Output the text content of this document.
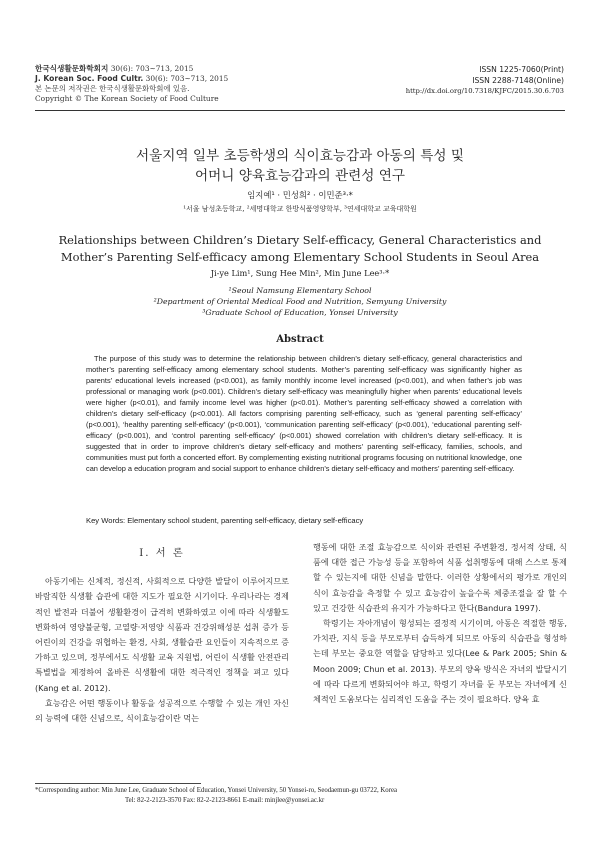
한국식생활문화학회지 30(6): 703~713, 2015
J. Korean Soc. Food Cultr. 30(6): 703~713, 2015
본 논문의 저작권은 한국식생활문화학회에 있음.
Copyright © The Korean Society of Food Culture
ISSN 1225-7060(Print)
ISSN 2288-7148(Online)
http://dx.doi.org/10.7318/KJFC/2015.30.6.703
서울지역 일부 초등학생의 식이효능감과 아동의 특성 및
어머니 양육효능감과의 관련성 연구
임지예¹ · 민성희² · 이민준³·*
¹서울 남성초등학교, ²세명대학교 한방식품영양학부, ³연세대학교 교육대학원
Relationships between Children’s Dietary Self-efficacy, General Characteristics and
Mother’s Parenting Self-efficacy among Elementary School Students in Seoul Area
Ji-ye Lim¹, Sung Hee Min², Min June Lee³·*
¹Seoul Namsung Elementary School
²Department of Oriental Medical Food and Nutrition, Semyung University
³Graduate School of Education, Yonsei University
Abstract
The purpose of this study was to determine the relationship between children’s dietary self-efficacy, general characteristics and mother’s parenting self-efficacy among elementary school students. Mother’s parenting self-efficacy was significantly higher as parents’ educational levels increased (p<0.001), as family monthly income level increased (p<0.001), and when father’s job was professional or managing work (p<0.001). Children’s dietary self-efficacy was meaningfully higher when parents’ educational levels were higher (p<0.01), and family income level was higher (p<0.01). Mother’s parenting self-efficacy showed a correlation with children’s dietary self-efficacy (p<0.001). All factors comprising parenting self-efficacy, such as ‘general parenting self-efficacy’ (p<0.001), ‘healthy parenting self-efficacy’ (p<0.001), ‘communication parenting self-efficacy’ (p<0.001), ‘educational parenting self-efficacy’ (p<0.001), and ‘control parenting self-efficacy’ (p<0.001) showed correlation with children’s dietary self-efficacy. It is suggested that in order to improve children’s dietary self-efficacy and mothers’ parenting self-efficacy, families, schools, and communities must put forth a concerted effort. By complementing existing nutritional programs focusing on nutritional knowledge, one can develop a education program and social support to enhance children’s dietary self-efficacy and mothers’ parenting self-efficacy.
Key Words: Elementary school student, parenting self-efficacy, dietary self-efficacy
I. 서 론

아동기에는 신체적, 정신적, 사회적으로 다양한 발달이 이루어지므로 바람직한 식생활 습관에 대한 지도가 필요한 시기이다. 우리나라는 경제적인 발전과 더불어 생활환경이 급격히 변화하였고 이에 따라 식생활도 변화하여 영양불균형, 고열량·저영양 식품과 건강위해성분 섭취 증가 등 어린이의 건강을 위협하는 환경, 사회, 생활습관 요인들이 지속적으로 증가하고 있으며, 정부에서도 식생활 교육 지원법, 어린이 식생활 안전관리 특별법을 제정하여 올바른 식생활에 대한 적극적인 정책을 펴고 있다(Kang et al. 2012).

효능감은 어떤 행동이나 활동을 성공적으로 수행할 수 있는 개인 자신의 능력에 대한 신념으로, 식이효능감이란 먹는

행동에 대한 조절 효능감으로 식이와 관련된 주변환경, 정서적 상태, 식품에 대한 접근 가능성 등을 포함하여 식품 섭취행동에 대해 스스로 통제할 수 있는지에 대한 신념을 말한다. 이러한 상황에서의 평가로 개인의 식이 효능감을 측정할 수 있고 효능감이 높을수록 체중조절을 잘 할 수 있고 건강한 식습관의 유지가 가능하다고 한다(Bandura 1997).

학령기는 자아개념이 형성되는 결정적 시기이며, 아동은 적절한 행동, 가치관, 지식 등을 부모로부터 습득하게 되므로 아동의 식습관을 형성하는데 부모는 중요한 역할을 담당하고 있다(Lee & Park 2005; Shin & Moon 2009; Chun et al. 2013). 부모의 양육 방식은 자녀의 발달시기에 따라 다르게 변화되어야 하고, 학령기 자녀를 둔 부모는 자녀에게 신체적인 도움보다는 심리적인 도움을 주는 것이 필요하다. 양육 효

*Corresponding author: Min June Lee, Graduate School of Education, Yonsei University, 50 Yonsei-ro, Seodaemun-gu 03722, Korea
Tel: 82-2-2123-3570 Fax: 82-2-2123-8661 E-mail: minjlee@yonsei.ac.kr
